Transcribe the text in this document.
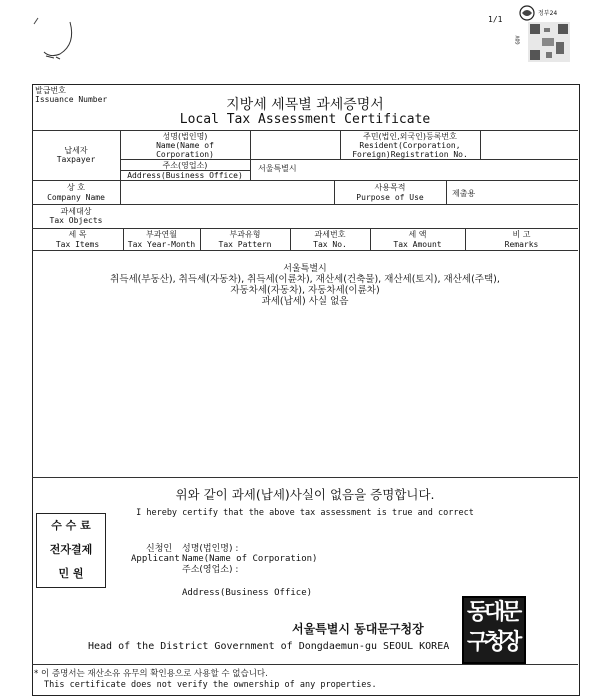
1/1
정부24
GOV
발급번호
Issuance Number	지방세 세목별 과세증명서
Local Tax Assessment Certificate
납세자
Taxpayer
성명(법인명)
Name(Name of
Corporation)
주민(법인,외국인)등록번호
Resident(Corporation,
Foreign)Registration No.
주소(영업소)
Address(Business Office)
서울특별시
상 호
Company Name
사용목적
Purpose of Use	제출용
과세대상
Tax Objects
세 목
Tax Items
부과연월
Tax Year-Month
부과유형
Tax Pattern
과세번호
Tax No.
세 액
Tax Amount
비 고
Remarks
서울특별시
취득세(부동산), 취득세(자동차), 취득세(이륜차), 재산세(건축물), 재산세(토지), 재산세(주택),
자동차세(자동차), 자동차세(이륜차)
과세(납세) 사실 없음
위와 같이 과세(납세)사실이 없음을 증명합니다.
I hereby certify that the above tax assessment is true and correct
수 수 료
전자결제
민 원
신청인
Applicant
성명(법인명) :
Name(Name of Corporation)
주소(영업소) :
Address(Business Office)
서울특별시 동대문구청장
Head of the District Government of Dongdaemun-gu SEOUL KOREA
동
대
문
구
청
장
* 이 증명서는 재산소유 유무의 확인용으로 사용할 수 없습니다.
This certificate does not verify the ownership of any properties.
